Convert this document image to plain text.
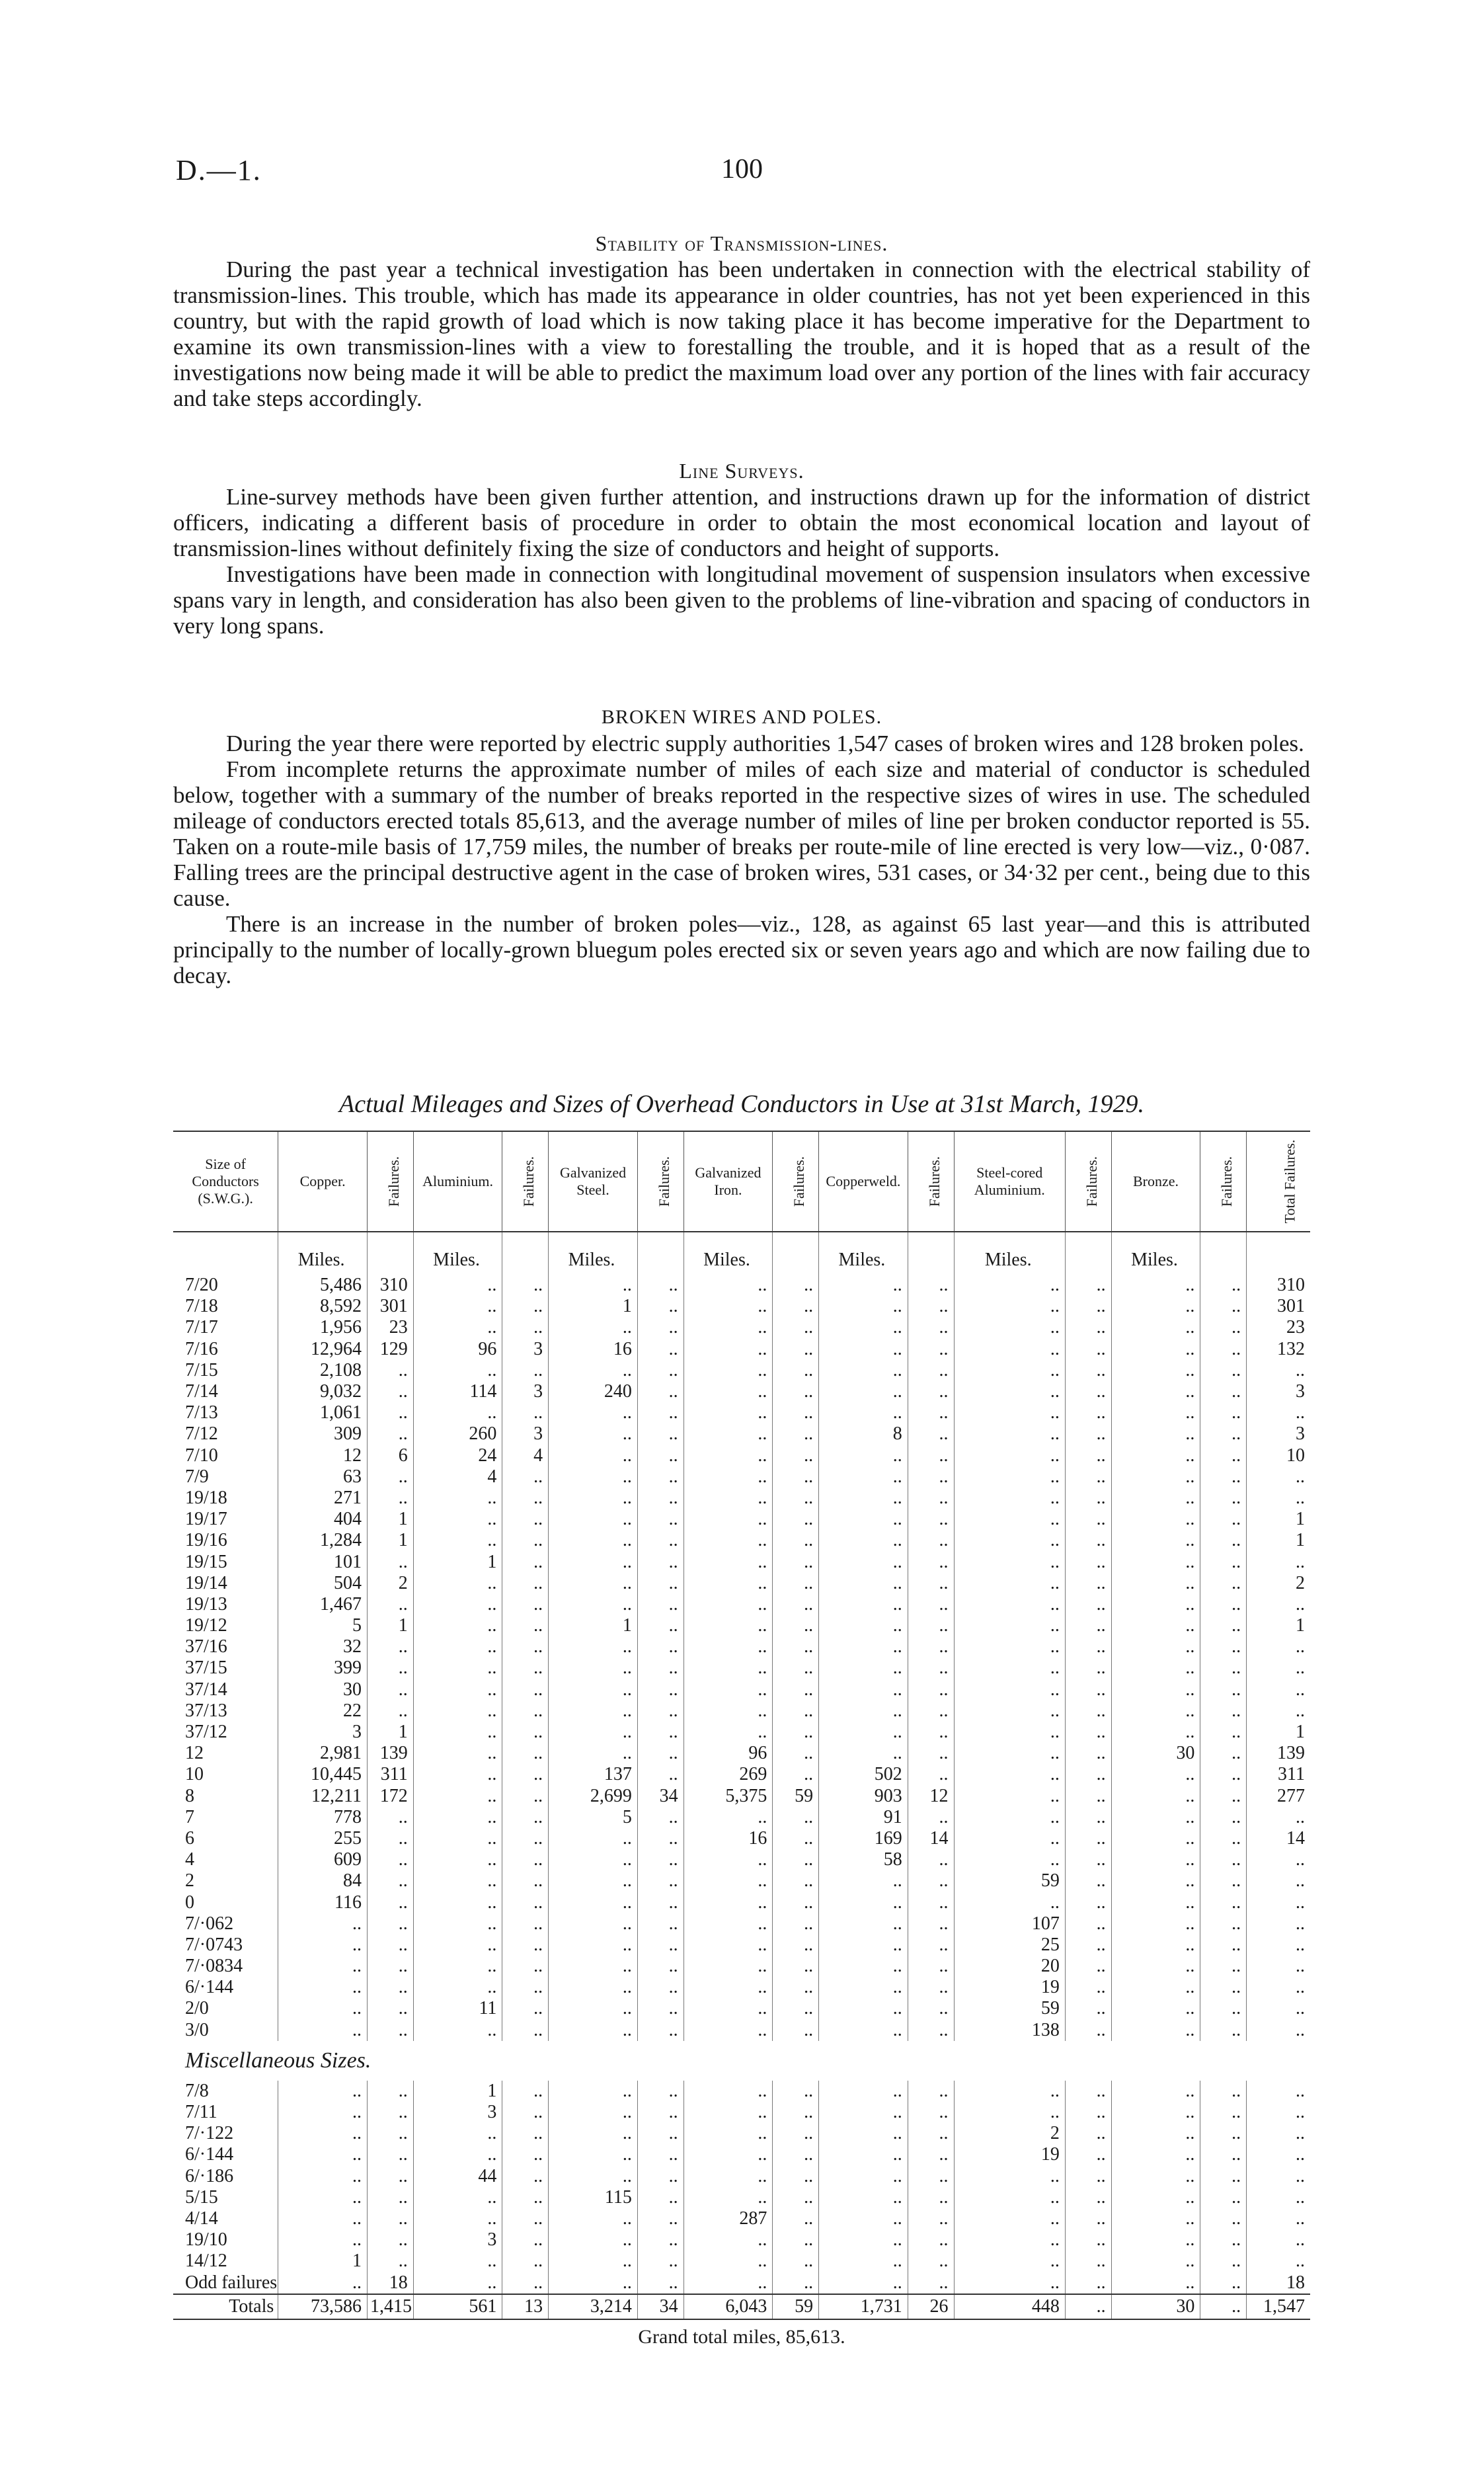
D.—1.	100

Stability of Transmission-lines.

During the past year a technical investigation has been undertaken in connection with the electrical stability of transmission-lines. This trouble, which has made its appearance in older countries, has not yet been experienced in this country, but with the rapid growth of load which is now taking place it has become imperative for the Department to examine its own transmission-lines with a view to forestalling the trouble, and it is hoped that as a result of the investigations now being made it will be able to predict the maximum load over any portion of the lines with fair accuracy and take steps accordingly.

Line Surveys.

Line-survey methods have been given further attention, and instructions drawn up for the information of district officers, indicating a different basis of procedure in order to obtain the most economical location and layout of transmission-lines without definitely fixing the size of conductors and height of supports.

Investigations have been made in connection with longitudinal movement of suspension insulators when excessive spans vary in length, and consideration has also been given to the problems of line-vibration and spacing of conductors in very long spans.

BROKEN WIRES AND POLES.

During the year there were reported by electric supply authorities 1,547 cases of broken wires and 128 broken poles.

From incomplete returns the approximate number of miles of each size and material of conductor is scheduled below, together with a summary of the number of breaks reported in the respective sizes of wires in use. The scheduled mileage of conductors erected totals 85,613, and the average number of miles of line per broken conductor reported is 55. Taken on a route-mile basis of 17,759 miles, the number of breaks per route-mile of line erected is very low—viz., 0·087. Falling trees are the principal destructive agent in the case of broken wires, 531 cases, or 34·32 per cent., being due to this cause.

There is an increase in the number of broken poles—viz., 128, as against 65 last year—and this is attributed principally to the number of locally-grown bluegum poles erected six or seven years ago and which are now failing due to decay.

Actual Mileages and Sizes of Overhead Conductors in Use at 31st March, 1929.

Size of Conductors (S.W.G.).	Copper.	Failures.	Aluminium.	Failures.	Galvanized Steel.	Failures.	Galvanized Iron.	Failures.	Copperweld.	Failures.	Steel-cored Aluminium.	Failures.	Bronze.	Failures.	Total Failures.
	Miles.		Miles.		Miles.		Miles.		Miles.		Miles.		Miles.		
7/20	5,486	310	..	..	..	..	..	..	..	..	..	..	..	..	310
7/18	8,592	301	..	..	1	..	..	..	..	..	..	..	..	..	301
7/17	1,956	23	..	..	..	..	..	..	..	..	..	..	..	..	23
7/16	12,964	129	96	3	16	..	..	..	..	..	..	..	..	..	132
7/15	2,108	..	..	..	..	..	..	..	..	..	..	..	..	..	..
7/14	9,032	..	114	3	240	..	..	..	..	..	..	..	..	..	3
7/13	1,061	..	..	..	..	..	..	..	..	..	..	..	..	..	..
7/12	309	..	260	3	..	..	..	..	8	..	..	..	..	..	3
7/10	12	6	24	4	..	..	..	..	..	..	..	..	..	..	10
7/9	63	..	4	..	..	..	..	..	..	..	..	..	..	..	..
19/18	271	..	..	..	..	..	..	..	..	..	..	..	..	..	..
19/17	404	1	..	..	..	..	..	..	..	..	..	..	..	..	1
19/16	1,284	1	..	..	..	..	..	..	..	..	..	..	..	..	1
19/15	101	..	1	..	..	..	..	..	..	..	..	..	..	..	..
19/14	504	2	..	..	..	..	..	..	..	..	..	..	..	..	2
19/13	1,467	..	..	..	..	..	..	..	..	..	..	..	..	..	..
19/12	5	1	..	..	1	..	..	..	..	..	..	..	..	..	1
37/16	32	..	..	..	..	..	..	..	..	..	..	..	..	..	..
37/15	399	..	..	..	..	..	..	..	..	..	..	..	..	..	..
37/14	30	..	..	..	..	..	..	..	..	..	..	..	..	..	..
37/13	22	..	..	..	..	..	..	..	..	..	..	..	..	..	..
37/12	3	1	..	..	..	..	..	..	..	..	..	..	..	..	1
12	2,981	139	..	..	..	..	96	..	..	..	..	..	30	..	139
10	10,445	311	..	..	137	..	269	..	502	..	..	..	..	..	311
8	12,211	172	..	..	2,699	34	5,375	59	903	12	..	..	..	..	277
7	778	..	..	..	5	..	..	..	91	..	..	..	..	..	..
6	255	..	..	..	..	..	16	..	169	14	..	..	..	..	14
4	609	..	..	..	..	..	..	..	58	..	..	..	..	..	..
2	84	..	..	..	..	..	..	..	..	..	59	..	..	..	..
0	116	..	..	..	..	..	..	..	..	..	..	..	..	..	..
7/·062	..	..	..	..	..	..	..	..	..	..	107	..	..	..	..
7/·0743	..	..	..	..	..	..	..	..	..	..	25	..	..	..	..
7/·0834	..	..	..	..	..	..	..	..	..	..	20	..	..	..	..
6/·144	..	..	..	..	..	..	..	..	..	..	19	..	..	..	..
2/0	..	..	11	..	..	..	..	..	..	..	59	..	..	..	..
3/0	..	..	..	..	..	..	..	..	..	..	138	..	..	..	..
Miscellaneous Sizes.															
7/8	..	..	1	..	..	..	..	..	..	..	..	..	..	..	..
7/11	..	..	3	..	..	..	..	..	..	..	..	..	..	..	..
7/·122	..	..	..	..	..	..	..	..	..	..	2	..	..	..	..
6/·144	..	..	..	..	..	..	..	..	..	..	19	..	..	..	..
6/·186	..	..	44	..	..	..	..	..	..	..	..	..	..	..	..
5/15	..	..	..	..	115	..	..	..	..	..	..	..	..	..	..
4/14	..	..	..	..	..	..	287	..	..	..	..	..	..	..	..
19/10	..	..	3	..	..	..	..	..	..	..	..	..	..	..	..
14/12	1	..	..	..	..	..	..	..	..	..	..	..	..	..	..
Odd failures	..	18	..	..	..	..	..	..	..	..	..	..	..	..	18
Totals	73,586	1,415	561	13	3,214	34	6,043	59	1,731	26	448	..	30	..	1,547
Grand total miles, 85,613.
